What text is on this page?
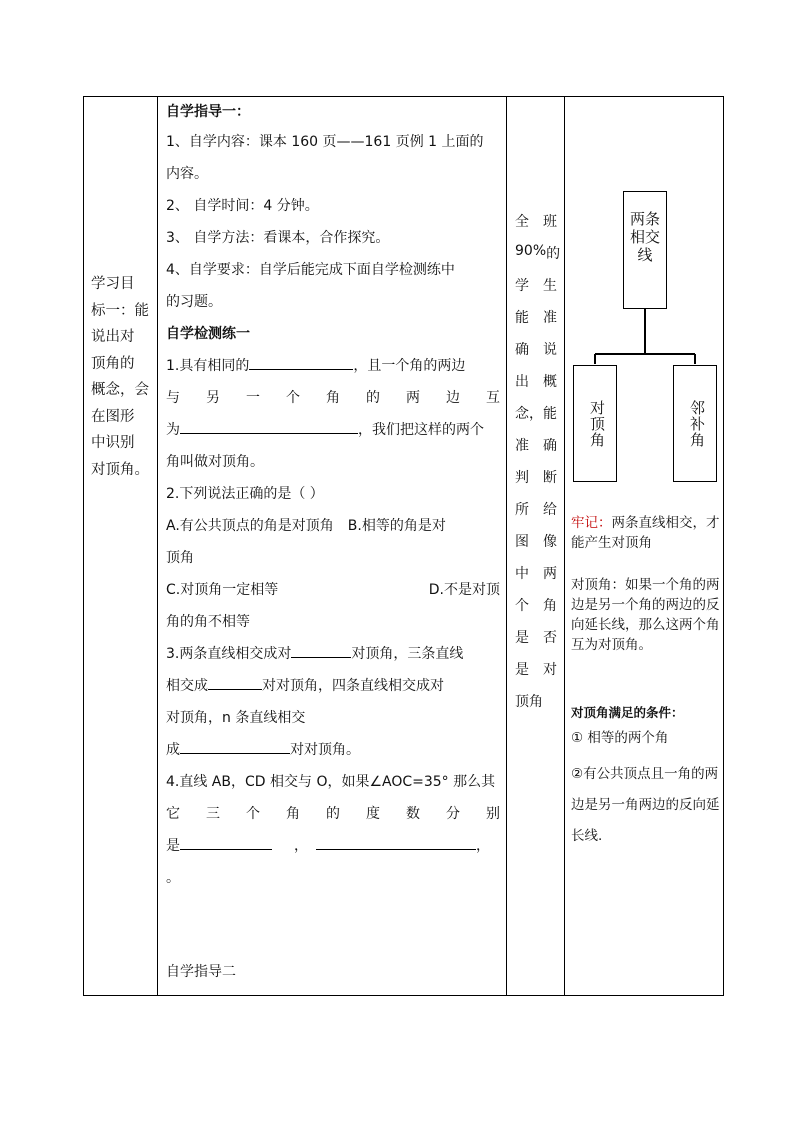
学习目
标一：能
说出对
顶角的
概念，会
在图形
中识别
对顶角。
自学指导一：
1、自学内容：课本 160 页——161 页例 1 上面的
内容。
2、 自学时间：4 分钟。
3、 自学方法：看课本，合作探究。
4、自学要求：自学后能完成下面自学检测练中
的习题。
自学检测练一
1.具有相同的	，且一个角的两边
与 另 一 个 角 的 两 边 互
为	，我们把这样的两个
角叫做对顶角。
2.下列说法正确的是（ ）
A.有公共顶点的角是对顶角 B.相等的角是对
顶角
C.对顶角一定相等	D.不是对顶
角的角不相等
3.两条直线相交成对	对顶角，三条直线
相交成	对对顶角，四条直线相交成对
对顶角，n 条直线相交
成	对对顶角。
4.直线 AB，CD 相交与 O，如果∠AOC=35° 那么其
它 三 个 角 的 度 数 分 别
是	，	，
。
自学指导二
全 班
90% 的
学 生
能 准
确 说
出 概
念， 能
准 确
判 断
所 给
图 像
中 两
个 角
是 否
是 对
顶角
两条相交线
对顶角	邻补角
牢记：两条直线相交，才能产生对顶角
对顶角：如果一个角的两边是另一个角的两边的反向延长线，那么这两个角互为对顶角。
对顶角满足的条件：
① 相等的两个角
②有公共顶点且一角的两边是另一角两边的反向延长线.
